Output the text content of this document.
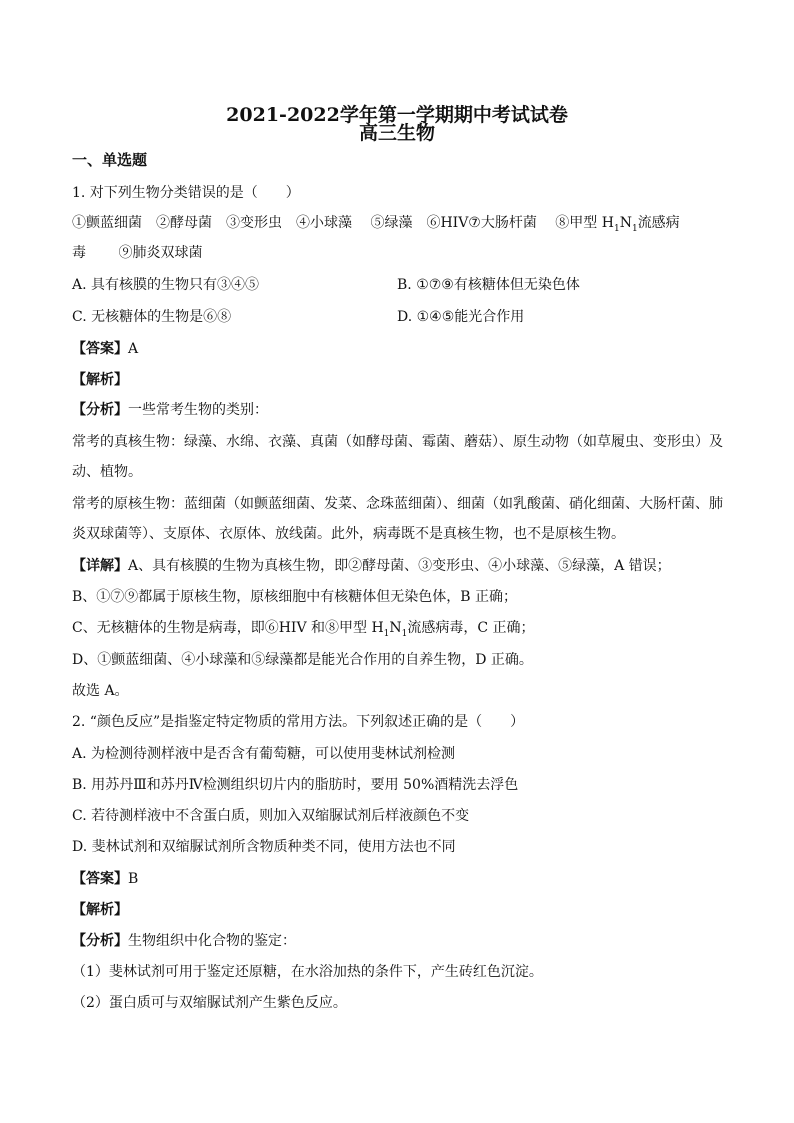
2021-2022学年第一学期期中考试试卷
高三生物
一、单选题
1. 对下列生物分类错误的是（　　）
①颤蓝细菌　②酵母菌　③变形虫　④小球藻　 ⑤绿藻　⑥HIV⑦大肠杆菌　 ⑧甲型 $H_1N_1$流感病
毒　　 ⑨肺炎双球菌
A. 具有核膜的生物只有③④⑤	B. ①⑦⑨有核糖体但无染色体
C. 无核糖体的生物是⑥⑧	D. ①④⑤能光合作用
【答案】A
【解析】
【分析】一些常考生物的类别：
常考的真核生物：绿藻、水绵、衣藻、真菌（如酵母菌、霉菌、蘑菇）、原生动物（如草履虫、变形虫）及
动、植物。
常考的原核生物：蓝细菌（如颤蓝细菌、发菜、念珠蓝细菌）、细菌（如乳酸菌、硝化细菌、大肠杆菌、肺
炎双球菌等）、支原体、衣原体、放线菌。此外，病毒既不是真核生物，也不是原核生物。
【详解】A、具有核膜的生物为真核生物，即②酵母菌、③变形虫、④小球藻、⑤绿藻，A 错误；
B、①⑦⑨都属于原核生物，原核细胞中有核糖体但无染色体，B 正确；
C、无核糖体的生物是病毒，即⑥HIV 和⑧甲型 $H_1N_1$流感病毒，C 正确；
D、①颤蓝细菌、④小球藻和⑤绿藻都是能光合作用的自养生物，D 正确。
故选 A。
2. “颜色反应”是指鉴定特定物质的常用方法。下列叙述正确的是（　　）
A. 为检测待测样液中是否含有葡萄糖，可以使用斐林试剂检测
B. 用苏丹Ⅲ和苏丹Ⅳ检测组织切片内的脂肪时，要用 50%酒精洗去浮色
C. 若待测样液中不含蛋白质，则加入双缩脲试剂后样液颜色不变
D. 斐林试剂和双缩脲试剂所含物质种类不同，使用方法也不同
【答案】B
【解析】
【分析】生物组织中化合物的鉴定：
（1）斐林试剂可用于鉴定还原糖，在水浴加热的条件下，产生砖红色沉淀。
（2）蛋白质可与双缩脲试剂产生紫色反应。
